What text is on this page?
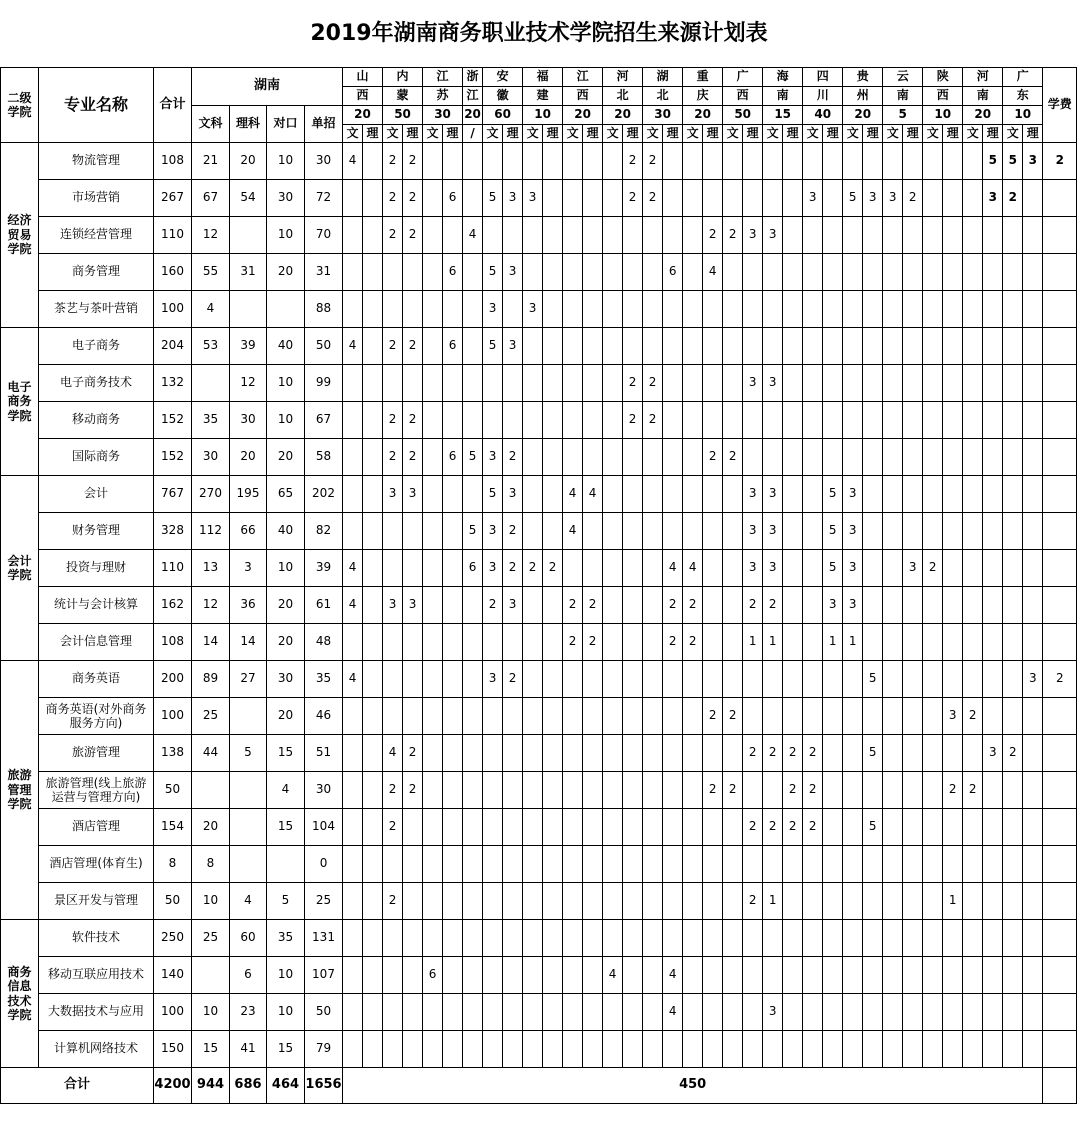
2019年湖南商务职业技术学院招生来源计划表
二级
学院	专业名称	合计	湖南				山		内		江		浙	安		福		江		河		湖		重		广		海		四		贵		云		陕		河		广		学费	
							西		蒙		苏		江	徽		建		西		北		北		庆		西		南		川		州		南		西		南		东			
			文科	理科	对口	单招	20		50		30		20	60		10		20		20		30		20		50		15		40		20		5		10		20		10			
							文	理	文	理	文	理	/	文	理	文	理	文	理	文	理	文	理	文	理	文	理	文	理	文	理	文	理	文	理	文	理	文	理	文	理		
经济
贸易
学院	物流管理	108	21	20	10	30	4		2	2											2	2																	5	5	3	2	
	市场营销	267	67	54	30	72			2	2		6		5	3	3					2	2								3		5	3	3	2				3	2			
	连锁经营管理	110	12		10	70			2	2			4												2	2	3	3															
	商务管理	160	55	31	20	31						6		5	3								6		4																		
	茶艺与茶叶营销	100	4			88								3		3																											
电子
商务
学院	电子商务	204	53	39	40	50	4		2	2		6		5	3																												
	电子商务技术	132		12	10	99															2	2					3	3															
	移动商务	152	35	30	10	67			2	2											2	2																					
	国际商务	152	30	20	20	58			2	2		6	5	3	2										2	2																	
会计
学院	会计	767	270	195	65	202			3	3				5	3			4	4								3	3			5	3											
	财务管理	328	112	66	40	82							5	3	2			4									3	3			5	3											
	投资与理财	110	13	3	10	39	4						6	3	2	2	2						4	4			3	3			5	3			3	2							
	统计与会计核算	162	12	36	20	61	4		3	3				2	3			2	2				2	2			2	2			3	3											
	会计信息管理	108	14	14	20	48												2	2				2	2			1	1			1	1											
旅游
管理
学院	商务英语	200	89	27	30	35	4							3	2																		5								3	2	
	商务英语(对外商务
服务方向)	100	25		20	46																			2	2											3	2					
	旅游管理	138	44	5	15	51			4	2																	2	2	2	2			5						3	2			
	旅游管理(线上旅游
运营与管理方向)	50			4	30			2	2															2	2			2	2							2	2					
	酒店管理	154	20		15	104			2																		2	2	2	2			5										
	酒店管理(体育生)	8	8			0																																					
	景区开发与管理	50	10	4	5	25			2																		2	1									1						
商务
信息
技术
学院	软件技术	250	25	60	35	131																																					
	移动互联应用技术	140		6	10	107					6									4			4																				
	大数据技术与应用	100	10	23	10	50																	4					3															
	计算机网络技术	150	15	41	15	79																																					
合计		4200	944	686	464	1656	450																																				
